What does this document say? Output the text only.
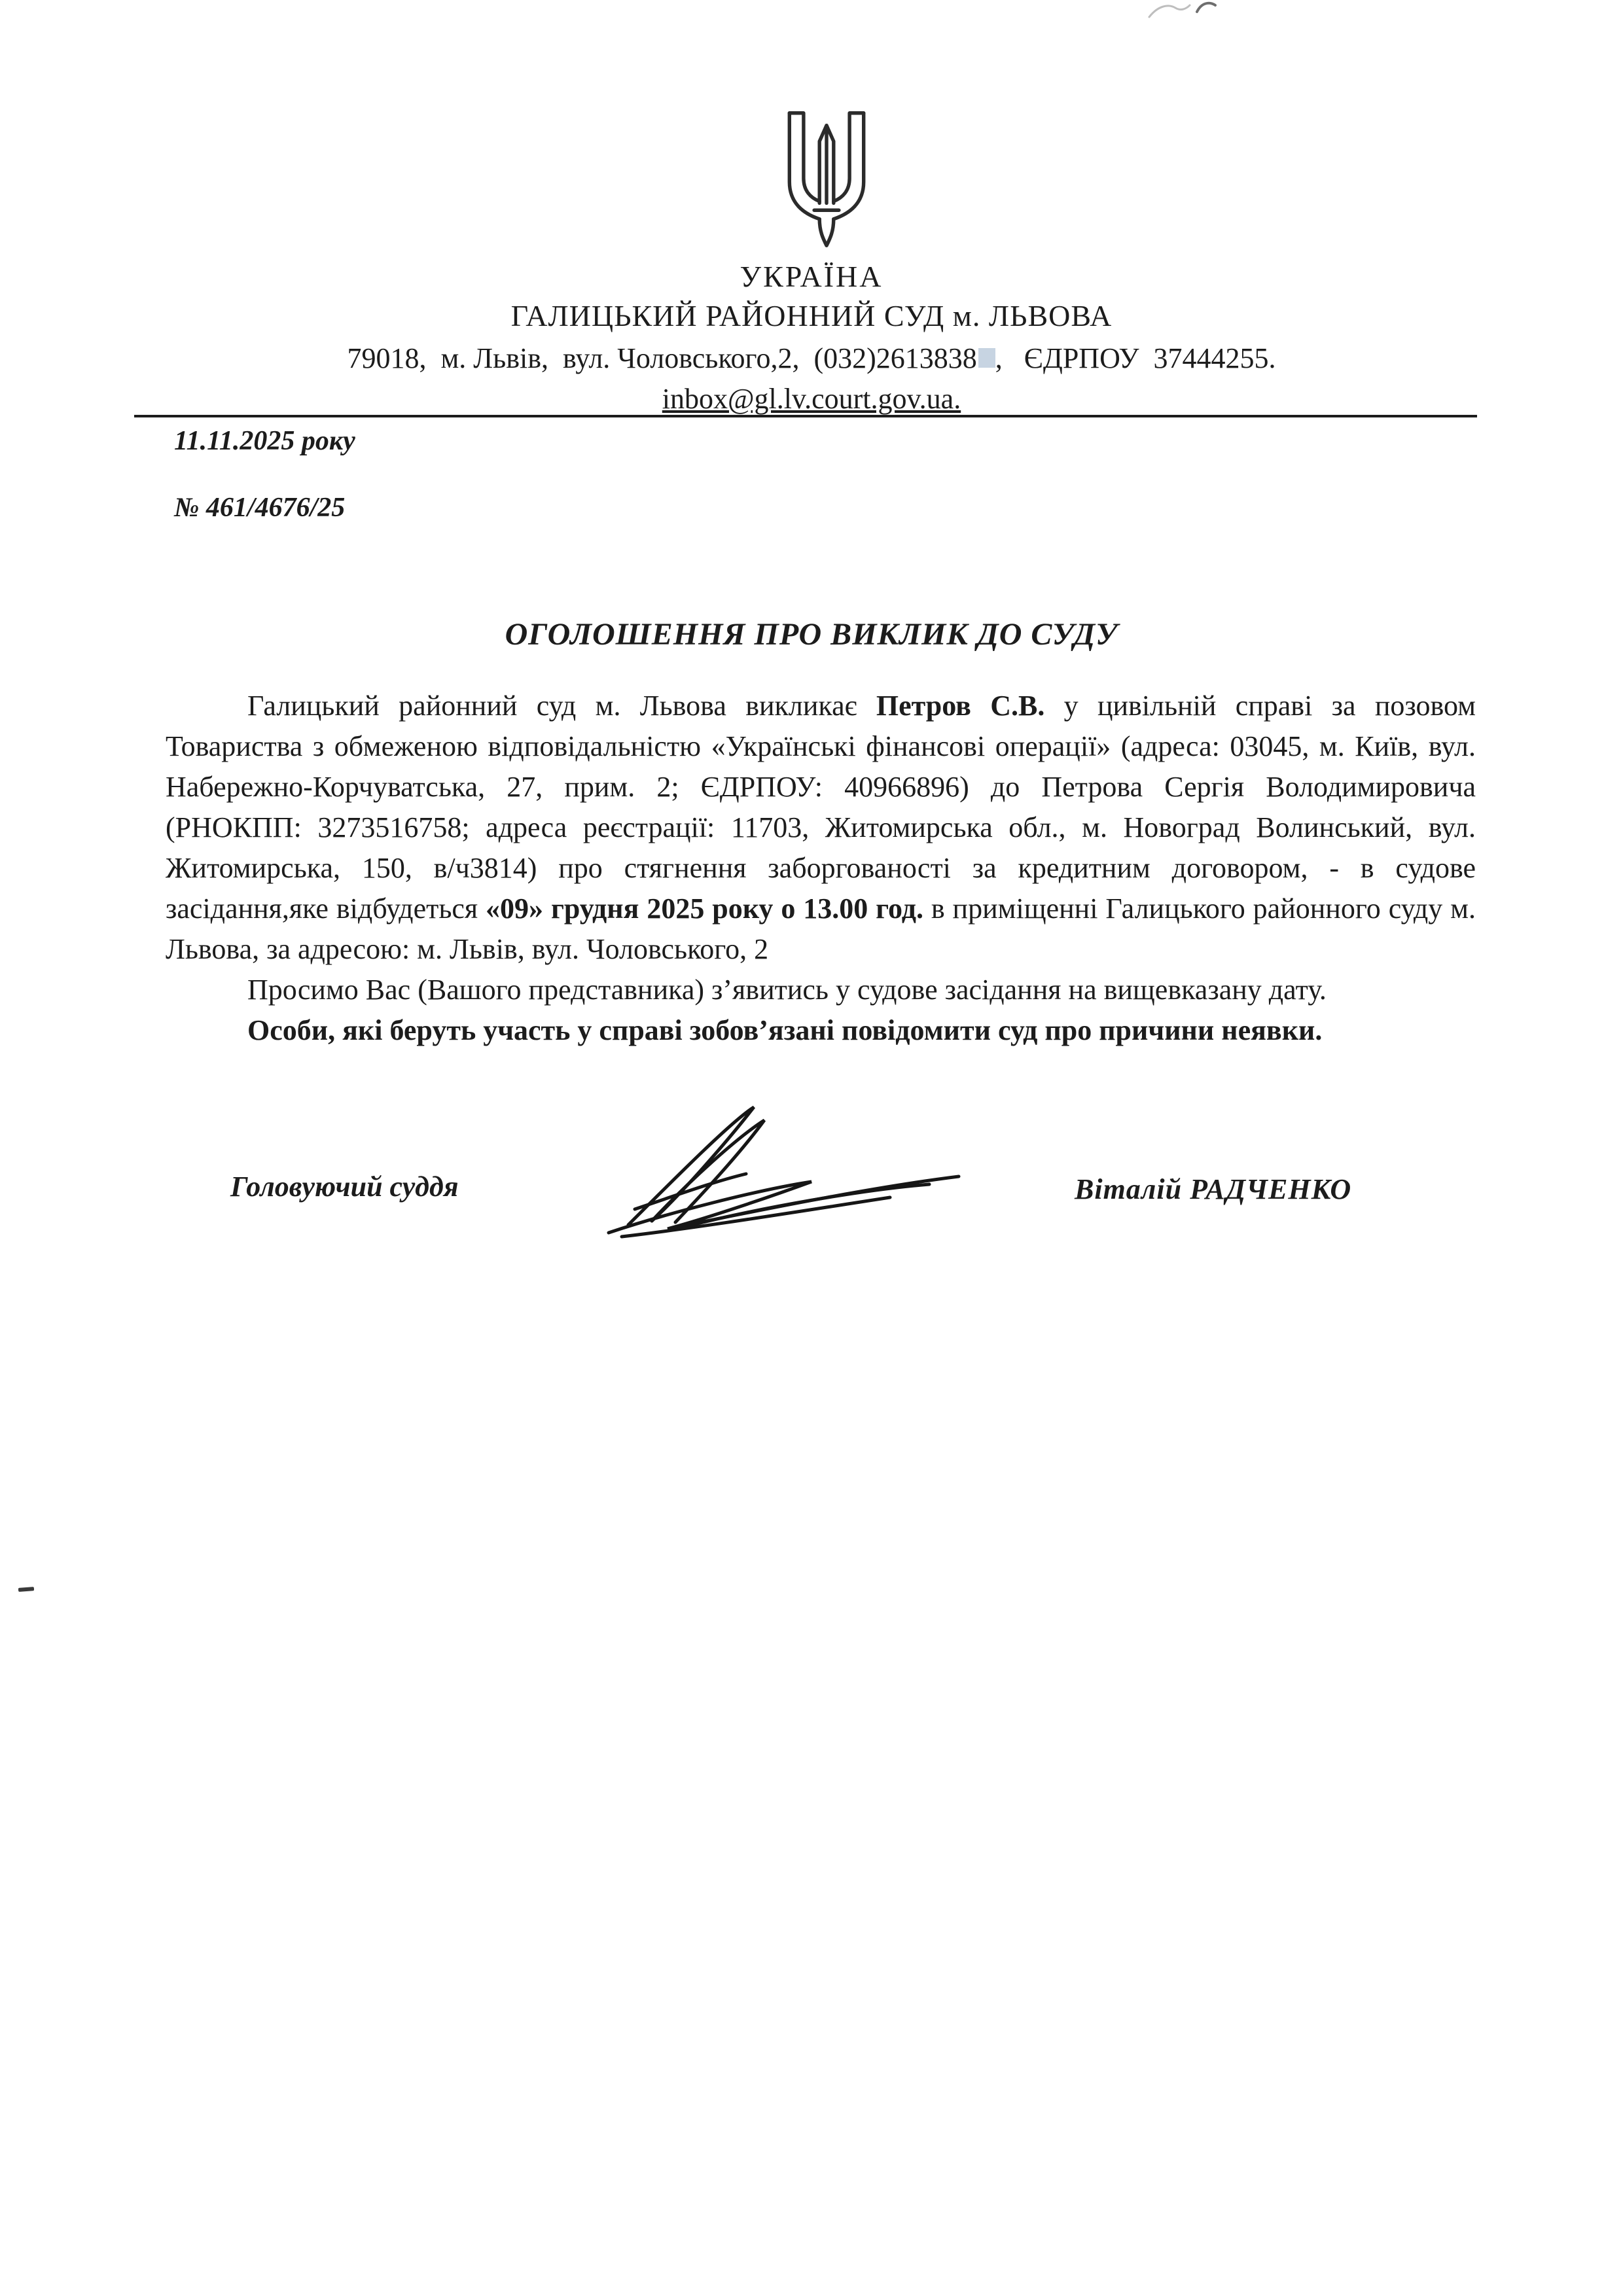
УКРАЇНА
ГАЛИЦЬКИЙ РАЙОННИЙ СУД м. ЛЬВОВА
79018,  м. Львів,  вул. Чоловського,2,  (032)2613838 ,   ЄДРПОУ  37444255.
inbox@gl.lv.court.gov.ua.
11.11.2025 року
№ 461/4676/25
ОГОЛОШЕННЯ ПРО ВИКЛИК ДО СУДУ

Галицький районний суд м. Львова викликає Петров С.В. у цивільній справі за позовом Товариства з обмеженою відповідальністю «Українські фінансові операції» (адреса: 03045, м. Київ, вул. Набережно-Корчуватська, 27, прим. 2; ЄДРПОУ: 40966896) до Петрова Сергія Володимировича (РНОКПП: 3273516758; адреса реєстрації: 11703, Житомирська обл., м. Новоград Волинський, вул. Житомирська, 150, в/ч3814) про стягнення заборгованості за кредитним договором, - в судове засідання,яке відбудеться «09» грудня 2025 року о 13.00 год. в приміщенні Галицького районного суду м. Львова, за адресою: м. Львів, вул. Чоловського, 2

Просимо Вас (Вашого представника) з’явитись у судове засідання на вищевказану дату.

Особи, які беруть участь у справі зобов’язані повідомити суд про причини неявки.

Головуючий суддя	Віталій РАДЧЕНКО
